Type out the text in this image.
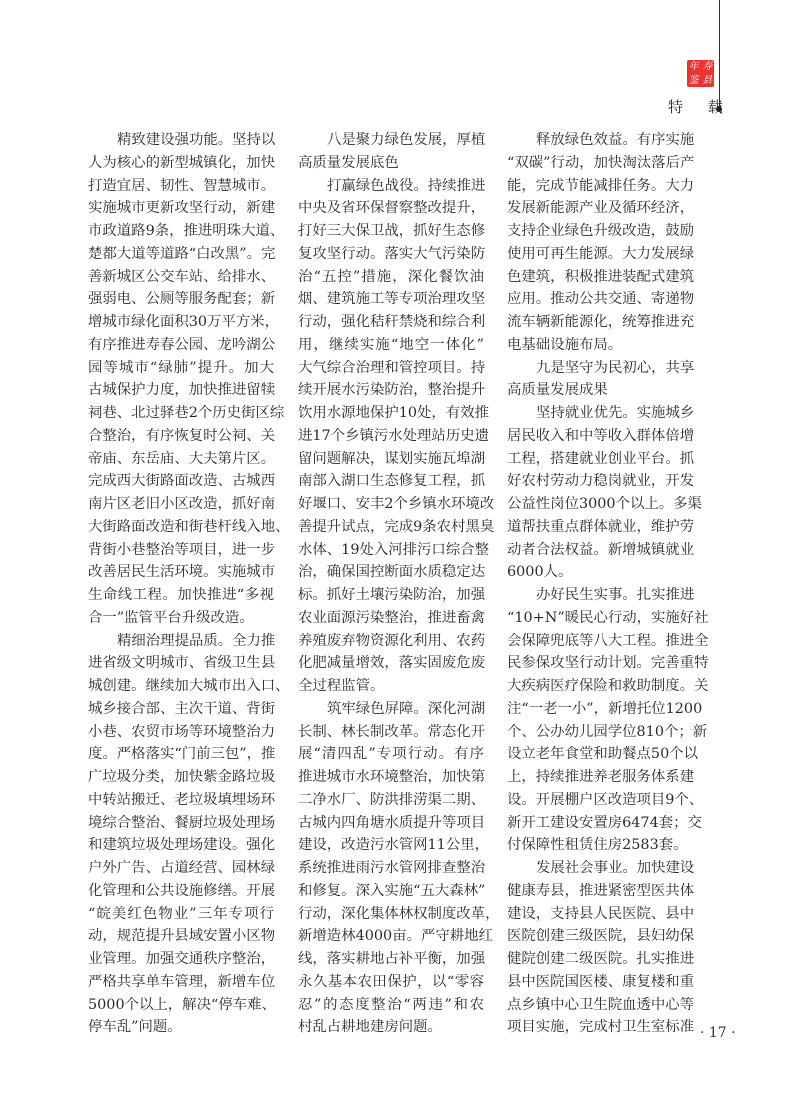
年 寿
鉴 县
特 载
精致建设强功能。坚持以
人为核心的新型城镇化，加快
打造宜居、韧性、智慧城市。
实施城市更新攻坚行动，新建
市政道路9条，推进明珠大道、
楚都大道等道路“白改黑”。完
善新城区公交车站、给排水、
强弱电、公厕等服务配套；新
增城市绿化面积30万平方米，
有序推进寿春公园、龙吟湖公
园等城市“绿肺”提升。加大
古城保护力度，加快推进留犊
祠巷、北过驿巷2个历史街区综
合整治，有序恢复时公祠、关
帝庙、东岳庙、大夫第片区。
完成西大街路面改造、古城西
南片区老旧小区改造，抓好南
大街路面改造和街巷杆线入地、
背街小巷整治等项目，进一步
改善居民生活环境。实施城市
生命线工程。加快推进“多视
合一”监管平台升级改造。
精细治理提品质。全力推
进省级文明城市、省级卫生县
城创建。继续加大城市出入口、
城乡接合部、主次干道、背街
小巷、农贸市场等环境整治力
度。严格落实“门前三包”，推
广垃圾分类，加快紫金路垃圾
中转站搬迁、老垃圾填埋场环
境综合整治、餐厨垃圾处理场
和建筑垃圾处理场建设。强化
户外广告、占道经营、园林绿
化管理和公共设施修缮。开展
“皖美红色物业”三年专项行
动，规范提升县域安置小区物
业管理。加强交通秩序整治，
严格共享单车管理，新增车位
5000个以上，解决“停车难、
停车乱”问题。
八是聚力绿色发展，厚植
高质量发展底色
打赢绿色战役。持续推进
中央及省环保督察整改提升，
打好三大保卫战，抓好生态修
复攻坚行动。落实大气污染防
治“五控”措施，深化餐饮油
烟、建筑施工等专项治理攻坚
行动，强化秸秆禁烧和综合利
用，继续实施“地空一体化”
大气综合治理和管控项目。持
续开展水污染防治，整治提升
饮用水源地保护10处，有效推
进17个乡镇污水处理站历史遗
留问题解决，谋划实施瓦埠湖
南部入湖口生态修复工程，抓
好堰口、安丰2个乡镇水环境改
善提升试点，完成9条农村黑臭
水体、19处入河排污口综合整
治，确保国控断面水质稳定达
标。抓好土壤污染防治，加强
农业面源污染整治，推进畜禽
养殖废弃物资源化利用、农药
化肥减量增效，落实固废危废
全过程监管。
筑牢绿色屏障。深化河湖
长制、林长制改革。常态化开
展“清四乱”专项行动。有序
推进城市水环境整治，加快第
二净水厂、防洪排涝渠二期、
古城内四角塘水质提升等项目
建设，改造污水管网11公里，
系统推进雨污水管网排查整治
和修复。深入实施“五大森林”
行动，深化集体林权制度改革，
新增造林4000亩。严守耕地红
线，落实耕地占补平衡，加强
永久基本农田保护，以“零容
忍”的态度整治“两违”和农
村乱占耕地建房问题。
释放绿色效益。有序实施
“双碳”行动，加快淘汰落后产
能，完成节能减排任务。大力
发展新能源产业及循环经济，
支持企业绿色升级改造，鼓励
使用可再生能源。大力发展绿
色建筑，积极推进装配式建筑
应用。推动公共交通、寄递物
流车辆新能源化，统筹推进充
电基础设施布局。
九是坚守为民初心，共享
高质量发展成果
坚持就业优先。实施城乡
居民收入和中等收入群体倍增
工程，搭建就业创业平台。抓
好农村劳动力稳岗就业，开发
公益性岗位3000个以上。多渠
道帮扶重点群体就业，维护劳
动者合法权益。新增城镇就业
6000人。
办好民生实事。扎实推进
“10+N”暖民心行动，实施好社
会保障兜底等八大工程。推进全
民参保攻坚行动计划。完善重特
大疾病医疗保险和救助制度。关
注“一老一小”，新增托位1200
个、公办幼儿园学位810个；新
设立老年食堂和助餐点50个以
上，持续推进养老服务体系建
设。开展棚户区改造项目9个、
新开工建设安置房6474套；交
付保障性租赁住房2583套。
发展社会事业。加快建设
健康寿县，推进紧密型医共体
建设，支持县人民医院、县中
医院创建三级医院，县妇幼保
健院创建二级医院。扎实推进
县中医院国医楼、康复楼和重
点乡镇中心卫生院血透中心等
项目实施，完成村卫生室标准 · 17 ·
